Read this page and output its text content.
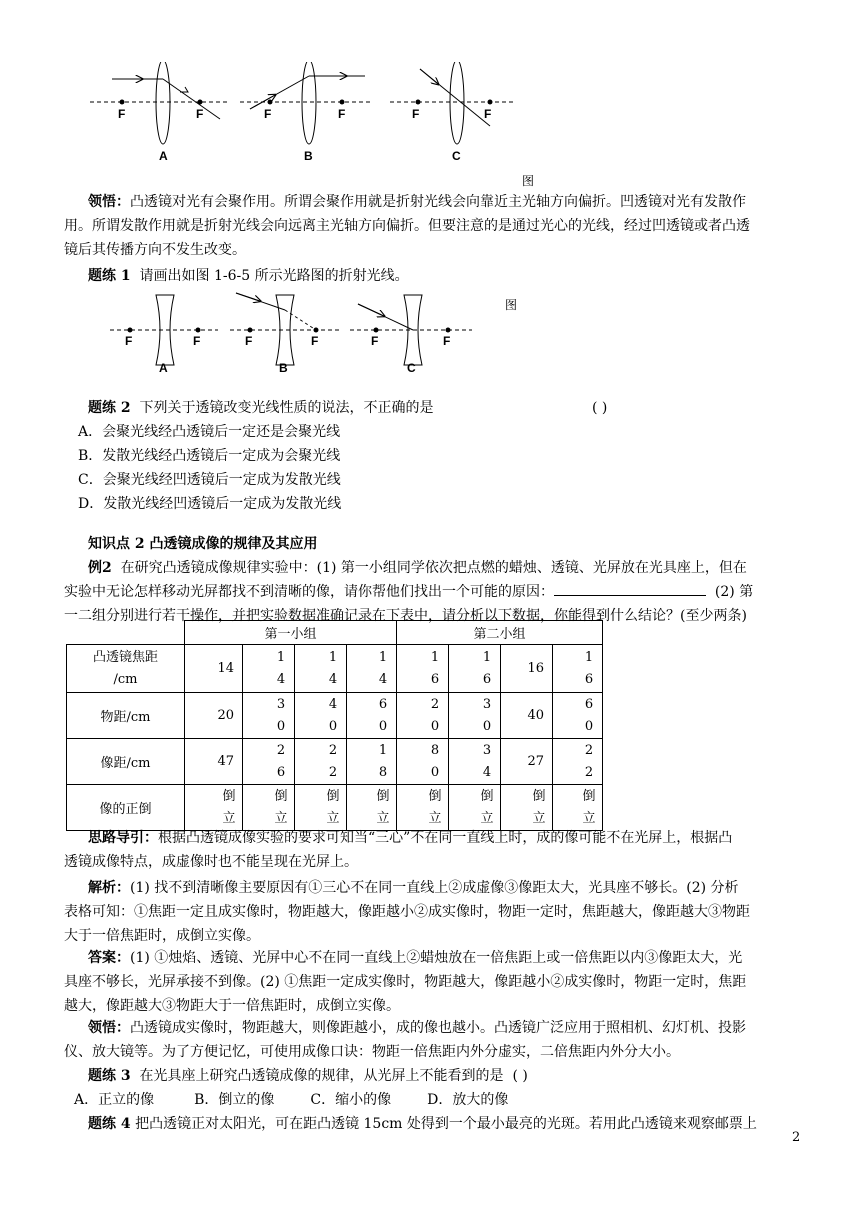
F	F
A
F	F
B
F	F
C
图
领悟：凸透镜对光有会聚作用。所谓会聚作用就是折射光线会向靠近主光轴方向偏折。凹透镜对光有发散作
用。所谓发散作用就是折射光线会向远离主光轴方向偏折。但要注意的是通过光心的光线，经过凹透镜或者凸透
镜后其传播方向不发生改变。
题练 1 请画出如图 1-6-5 所示光路图的折射光线。
图
F	F
A
F	F
B
F	F
C
题练 2 下列关于透镜改变光线性质的说法，不正确的是	( )
A．会聚光线经凸透镜后一定还是会聚光线
B．发散光线经凸透镜后一定成为会聚光线
C．会聚光线经凹透镜后一定成为发散光线
D．发散光线经凹透镜后一定成为发散光线
知识点 2 凸透镜成像的规律及其应用
例2 在研究凸透镜成像规律实验中：(1) 第一小组同学依次把点燃的蜡烛、透镜、光屏放在光具座上，但在
实验中无论怎样移动光屏都找不到清晰的像，请你帮他们找出一个可能的原因：	(2) 第
一二组分别进行若干操作，并把实验数据准确记录在下表中，请分析以下数据，你能得到什么结论？(至少两条)
	第一小组				第二小组			

凸透镜焦距
/cm	14	14	14	14	16	16	16	16

物距/cm	20	30	40	60	20	30	40	60

像距/cm	47	26	22	18	80	34	27	22

像的正倒	倒立	倒立	倒立	倒立	倒立	倒立	倒立	倒立
思路导引：根据凸透镜成像实验的要求可知当“三心”不在同一直线上时，成的像可能不在光屏上，根据凸
透镜成像特点，成虚像时也不能呈现在光屏上。
解析：(1) 找不到清晰像主要原因有①三心不在同一直线上②成虚像③像距太大，光具座不够长。(2) 分析
表格可知：①焦距一定且成实像时，物距越大，像距越小②成实像时，物距一定时，焦距越大，像距越大③物距
大于一倍焦距时，成倒立实像。
答案：(1) ①烛焰、透镜、光屏中心不在同一直线上②蜡烛放在一倍焦距上或一倍焦距以内③像距太大，光
具座不够长，光屏承接不到像。(2) ①焦距一定成实像时，物距越大，像距越小②成实像时，物距一定时，焦距
越大，像距越大③物距大于一倍焦距时，成倒立实像。
领悟：凸透镜成实像时，物距越大，则像距越小，成的像也越小。凸透镜广泛应用于照相机、幻灯机、投影
仪、放大镜等。为了方便记忆，可使用成像口诀：物距一倍焦距内外分虚实，二倍焦距内外分大小。
题练 3 在光具座上研究凸透镜成像的规律，从光屏上不能看到的是 ( )
A．正立的像	B．倒立的像	C．缩小的像	D．放大的像
题练 4 把凸透镜正对太阳光，可在距凸透镜 15cm 处得到一个最小最亮的光斑。若用此凸透镜来观察邮票上
2
